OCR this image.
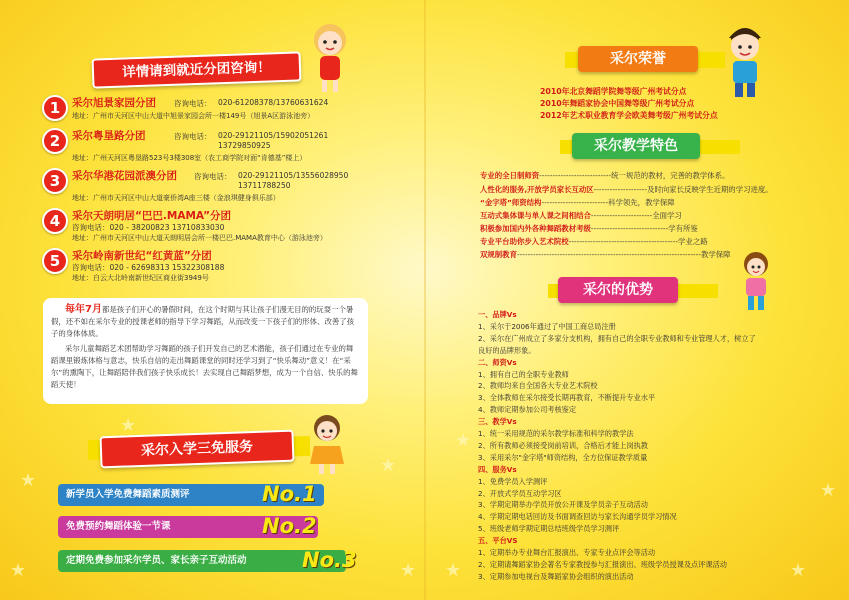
★
★
★
★
★
★
★
★
★
详情请到就近分团咨询！
1	采尔旭景家园分团 咨询电话： 020-61208378/13760631624
地址：广州市天河区中山大道中旭景家园会所一楼149号（旭景A区游泳池旁）
2	采尔粤垦路分团	咨询电话： 020-29121105/15902051261
13729850925
地址：广州天河区粤垦路523号3楼308室（农工商学院对面“肯德基”楼上）
3	采尔华港花园派澳分团 咨询电话： 020-29121105/13556028950
13711788250
地址：广州市天河区中山大道豪侨湾A座三楼（金浪琪健身俱乐部）
4	采尔天朗明居“巴巴.MAMA”分团
咨询电话：020 - 38200823 13710833030
地址：广州市天河区中山大道天朗明居会所一楼巴巴.MAMA教育中心（游泳池旁）
5	采尔岭南新世纪“红黄蓝”分团
咨询电话：020 - 62698313 15322308188
地址：白云大北岭南新世纪区商业街3949号
每年7月都是孩子们开心的暑假时间，在这个时期与其让孩子们漫无目的的玩耍一个暑假，还不如在采尔专业的授课老师的指导下学习舞蹈，从而改变一下孩子们的形体、改善了孩子的身体体质。
采尔儿童舞蹈艺术团帮助学习舞蹈的孩子们开发自己的艺术潜能，孩子们通过在专业的舞蹈课里锻炼体格与意志，快乐自信的走出舞蹈课堂的同时还学习到了“快乐舞动”意义！在“采尔”的熏陶下，让舞蹈陪伴我们孩子快乐成长！去实现自己舞蹈梦想，成为一个自信、快乐的舞蹈天使！
采尔入学三免服务
新学员入学免费舞蹈素质测评	No.1
免费预约舞蹈体验一节课	No.2
定期免费参加采尔学员、家长亲子互动活动	No.3
采尔荣誉
2010年北京舞蹈学院舞等级广州考试分点
2010年舞蹈家协会中国舞等级广州考试分点
2012年艺术职业教育学会欧美舞考级广州考试分点
采尔教学特色
专业的全日制师资---------------------------统一规范的教材，完善的教学体系。
人性化的服务,开放学员家长互动区--------------------及时向家长反映学生近期的学习进度。
“金字塔”师资结构-------------------------科学领先，教学保障
互动式集体课与单人课之间相结合-----------------------全面学习
积极参加国内外各种舞蹈教材考级-----------------------------学有所鉴
专业平台助你步入艺术院校-----------------------------------------学业之路
双规制教育---------------------------------------------------------------------教学保障
采尔的优势
一、品牌Vs
1、采尔于2006年通过了中国工商总局注册
2、采尔在广州成立了多家分支机构，拥有自己的全职专业教师和专业管理人才，树立了
良好的品牌形象。
二、师资Vs
1、拥有自己的全职专业教师
2、教师均来自全国各大专业艺术院校
3、全体教师在采尔接受长期再教育，不断提升专业水平
4、教师定期参加公司考核鉴定
三、教学Vs
1、统一采用规范的采尔教学标准和科学的教学法
2、所有教师必须接受岗前培训，合格后才能上岗执教
3、采用采尔"金字塔"师资结构，全方位保证教学质量
四、服务Vs
1、免费学员入学测评
2、开放式学员互动学习区
3、学期定期举办学员开放公开课及学员亲子互动活动
4、学期定期电话回访及书面调查回访与家长沟通学员学习情况
5、班级老师学期定期总结班级学员学习测评
五、平台VS
1、定期举办专业舞台汇报演出、专家专业点评会等活动
2、定期请舞蹈家协会著名专家教授参与汇报演出、班级学员授课及点评课活动
3、定期参加电视台及舞蹈家协会组织的演出活动
